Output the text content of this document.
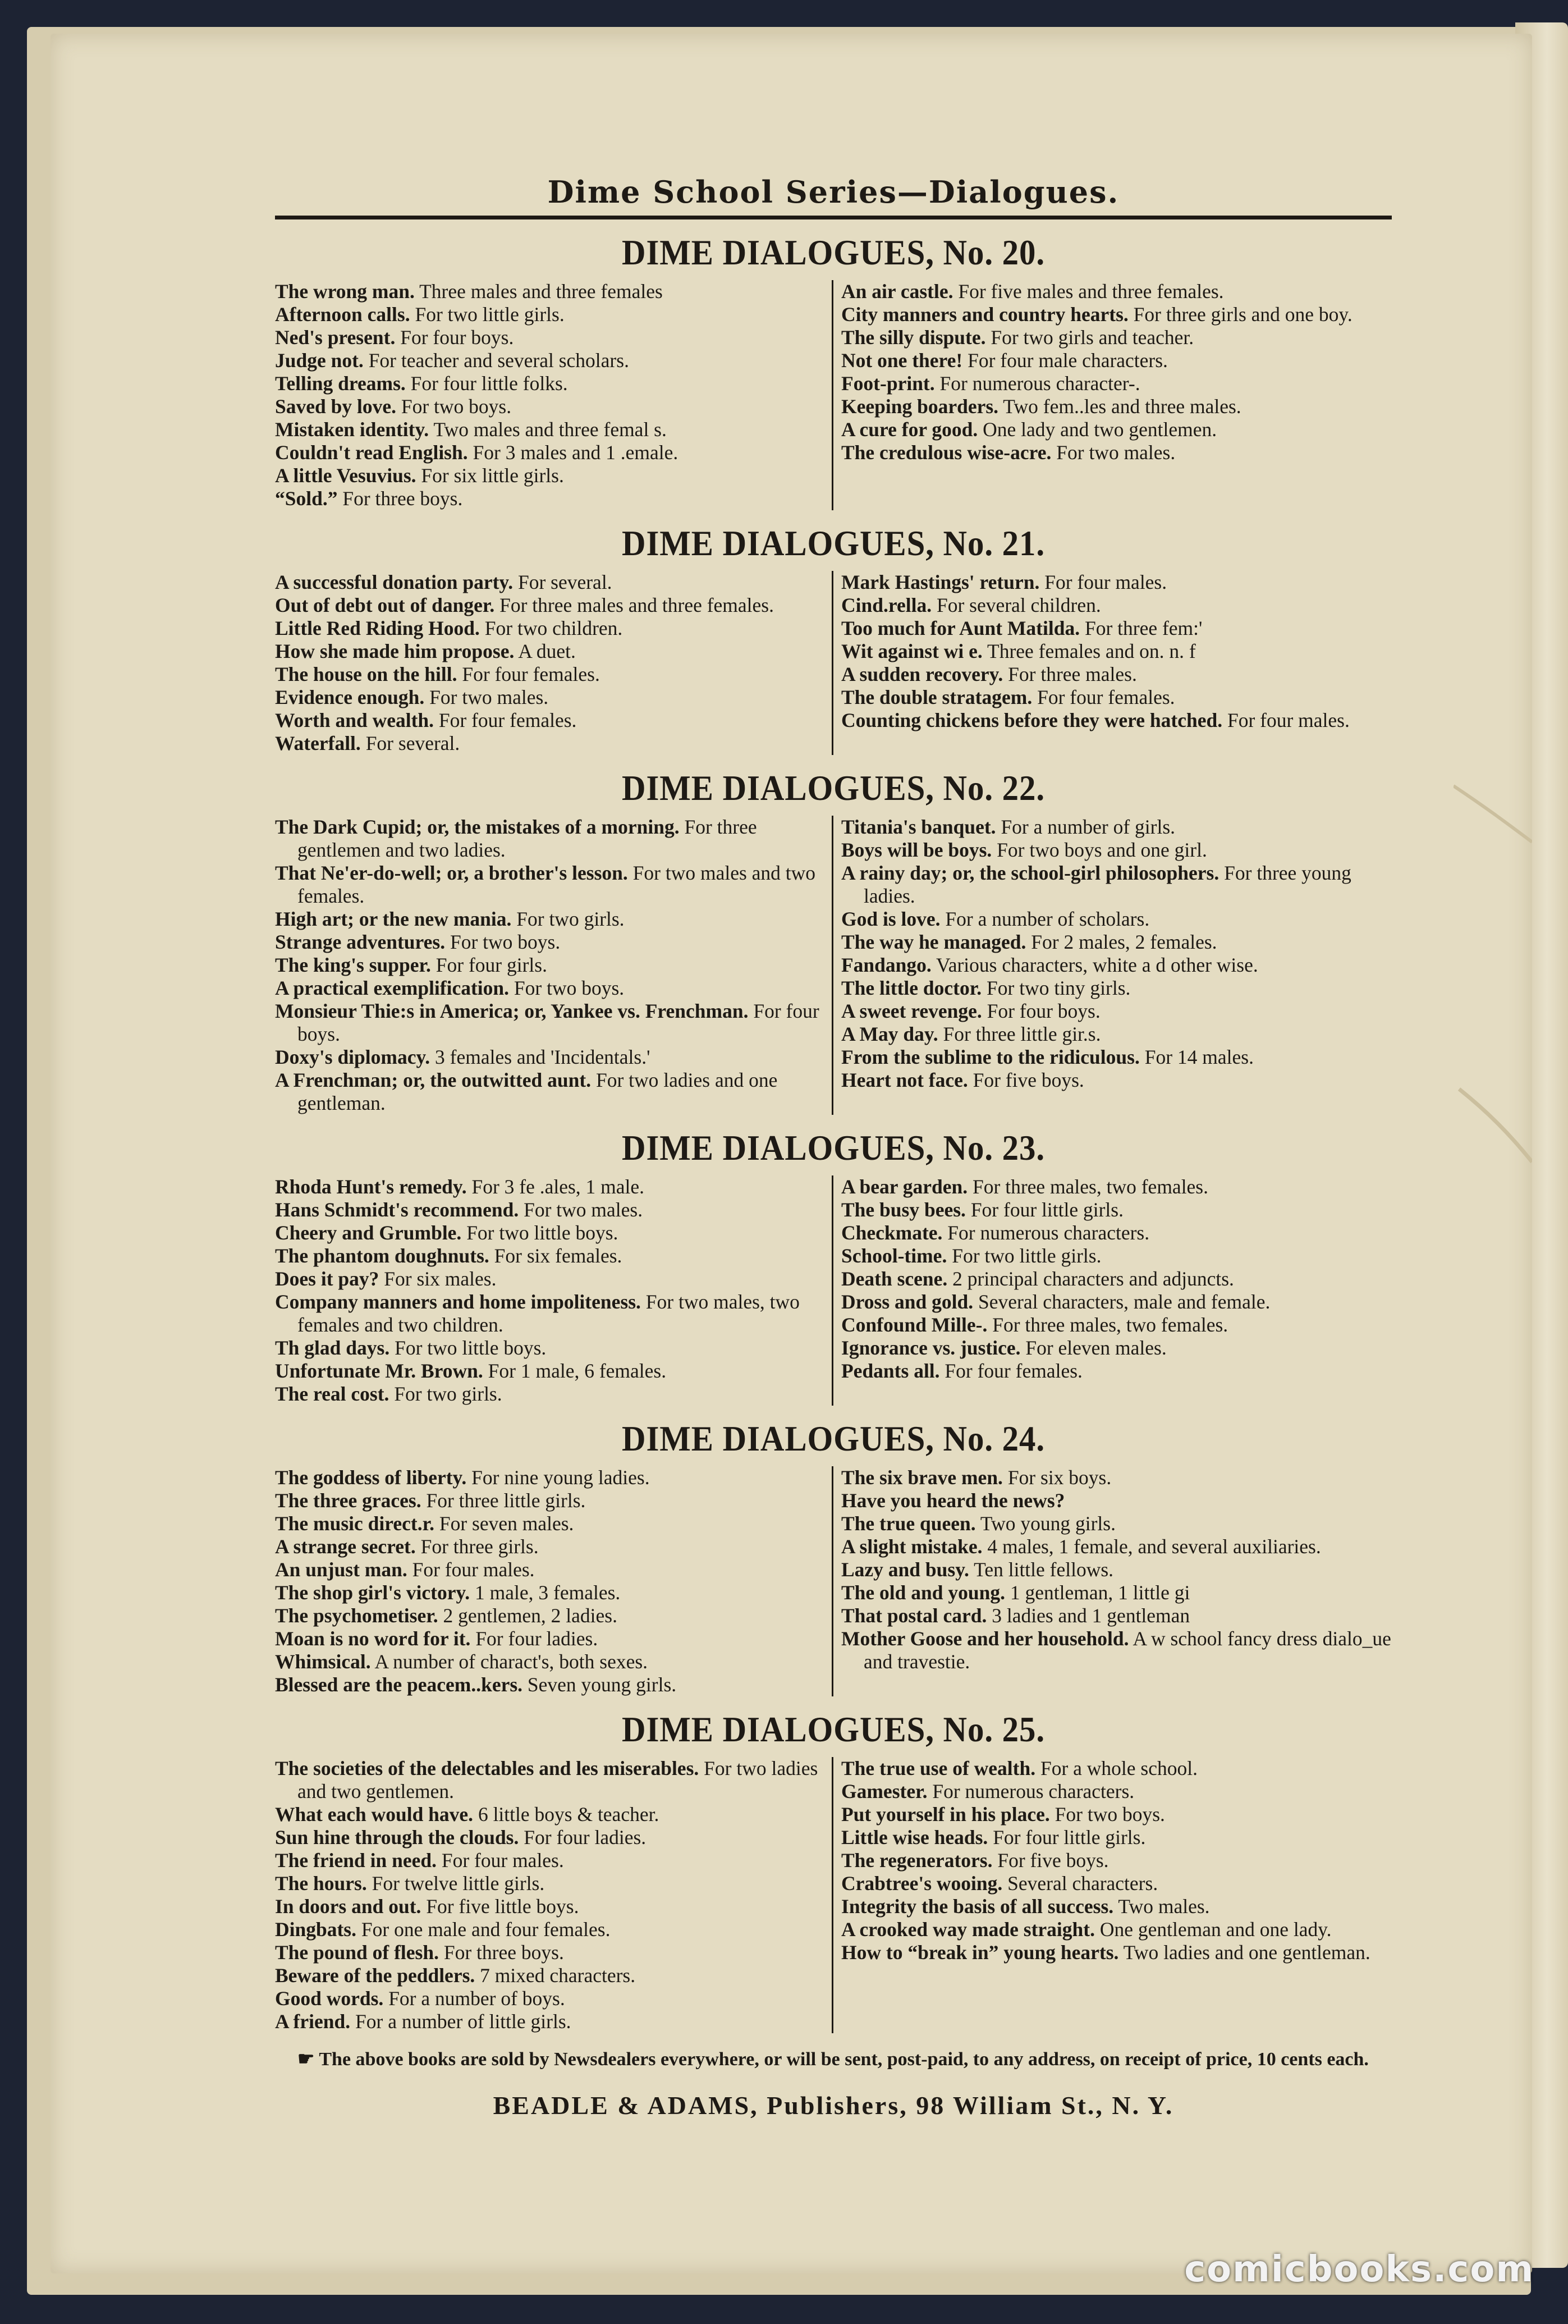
Dime School Series—Dialogues.
DIME DIALOGUES, No. 20.
The wrong man. Three males and three females
Afternoon calls. For two little girls.
Ned's present. For four boys.
Judge not. For teacher and several scholars.
Telling dreams. For four little folks.
Saved by love. For two boys.
Mistaken identity. Two males and three femal s.
Couldn't read English. For 3 males and 1 .emale.
A little Vesuvius. For six little girls.
“Sold.” For three boys.
An air castle. For five males and three females.
City manners and country hearts. For three girls and one boy.
The silly dispute. For two girls and teacher.
Not one there! For four male characters.
Foot-print. For numerous character-.
Keeping boarders. Two fem..les and three males.
A cure for good. One lady and two gentlemen.
The credulous wise-acre. For two males.
DIME DIALOGUES, No. 21.
A successful donation party. For several.
Out of debt out of danger. For three males and three females.
Little Red Riding Hood. For two children.
How she made him propose. A duet.
The house on the hill. For four females.
Evidence enough. For two males.
Worth and wealth. For four females.
Waterfall. For several.
Mark Hastings' return. For four males.
Cind.rella. For several children.
Too much for Aunt Matilda. For three fem:'
Wit against wi e. Three females and on. n. f
A sudden recovery. For three males.
The double stratagem. For four females.
Counting chickens before they were hatched. For four males.
DIME DIALOGUES, No. 22.
The Dark Cupid; or, the mistakes of a morning. For three gentlemen and two ladies.
That Ne'er-do-well; or, a brother's lesson. For two males and two females.
High art; or the new mania. For two girls.
Strange adventures. For two boys.
The king's supper. For four girls.
A practical exemplification. For two boys.
Monsieur Thie:s in America; or, Yankee vs. Frenchman. For four boys.
Doxy's diplomacy. 3 females and 'Incidentals.'
A Frenchman; or, the outwitted aunt. For two ladies and one gentleman.
Titania's banquet. For a number of girls.
Boys will be boys. For two boys and one girl.
A rainy day; or, the school-girl philosophers. For three young ladies.
God is love. For a number of scholars.
The way he managed. For 2 males, 2 females.
Fandango. Various characters, white a d other wise.
The little doctor. For two tiny girls.
A sweet revenge. For four boys.
A May day. For three little gir.s.
From the sublime to the ridiculous. For 14 males.
Heart not face. For five boys.
DIME DIALOGUES, No. 23.
Rhoda Hunt's remedy. For 3 fe .ales, 1 male.
Hans Schmidt's recommend. For two males.
Cheery and Grumble. For two little boys.
The phantom doughnuts. For six females.
Does it pay? For six males.
Company manners and home impoliteness. For two males, two females and two children.
Th glad days. For two little boys.
Unfortunate Mr. Brown. For 1 male, 6 females.
The real cost. For two girls.
A bear garden. For three males, two females.
The busy bees. For four little girls.
Checkmate. For numerous characters.
School-time. For two little girls.
Death scene. 2 principal characters and adjuncts.
Dross and gold. Several characters, male and female.
Confound Mille-. For three males, two females.
Ignorance vs. justice. For eleven males.
Pedants all. For four females.
DIME DIALOGUES, No. 24.
The goddess of liberty. For nine young ladies.
The three graces. For three little girls.
The music direct.r. For seven males.
A strange secret. For three girls.
An unjust man. For four males.
The shop girl's victory. 1 male, 3 females.
The psychometiser. 2 gentlemen, 2 ladies.
Moan is no word for it. For four ladies.
Whimsical. A number of charact's, both sexes.
Blessed are the peacem..kers. Seven young girls.
The six brave men. For six boys.
Have you heard the news?
The true queen. Two young girls.
A slight mistake. 4 males, 1 female, and several auxiliaries.
Lazy and busy. Ten little fellows.
The old and young. 1 gentleman, 1 little gi
That postal card. 3 ladies and 1 gentleman
Mother Goose and her household. A w school fancy dress dialo_ue and travestie.
DIME DIALOGUES, No. 25.
The societies of the delectables and les miserables. For two ladies and two gentlemen.
What each would have. 6 little boys & teacher.
Sun hine through the clouds. For four ladies.
The friend in need. For four males.
The hours. For twelve little girls.
In doors and out. For five little boys.
Dingbats. For one male and four females.
The pound of flesh. For three boys.
Beware of the peddlers. 7 mixed characters.
Good words. For a number of boys.
A friend. For a number of little girls.
The true use of wealth. For a whole school.
Gamester. For numerous characters.
Put yourself in his place. For two boys.
Little wise heads. For four little girls.
The regenerators. For five boys.
Crabtree's wooing. Several characters.
Integrity the basis of all success. Two males.
A crooked way made straight. One gentleman and one lady.
How to “break in” young hearts. Two ladies and one gentleman.
☛ The above books are sold by Newsdealers everywhere, or will be sent, post-paid, to any address, on receipt of price, 10 cents each.
BEADLE & ADAMS, Publishers, 98 William St., N. Y.
comicbooks.com
